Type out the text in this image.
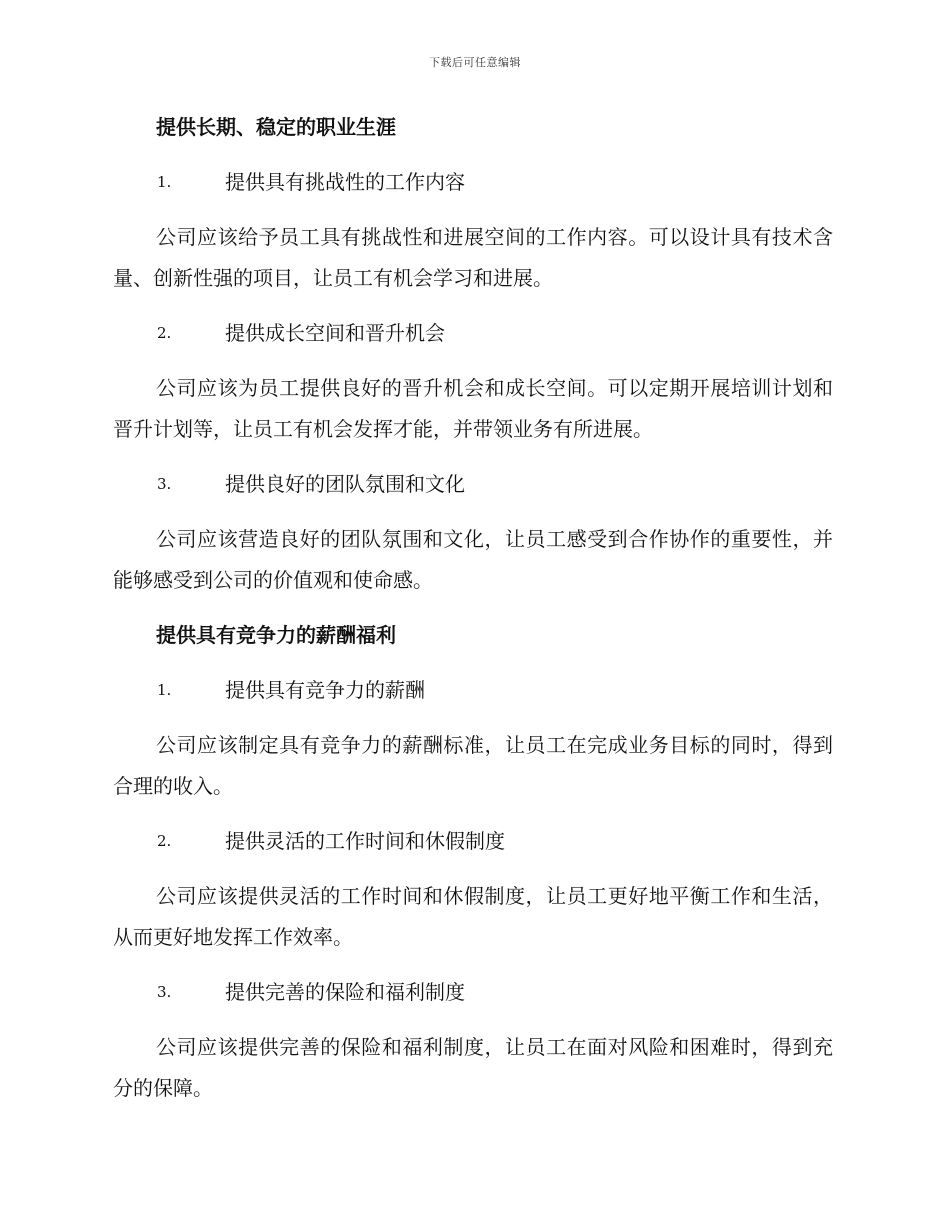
下载后可任意编辑
提供长期、稳定的职业生涯
1.	提供具有挑战性的工作内容

公司应该给予员工具有挑战性和进展空间的工作内容。可以设计具有技术含量、创新性强的项目，让员工有机会学习和进展。

2.	提供成长空间和晋升机会

公司应该为员工提供良好的晋升机会和成长空间。可以定期开展培训计划和晋升计划等，让员工有机会发挥才能，并带领业务有所进展。

3.	提供良好的团队氛围和文化

公司应该营造良好的团队氛围和文化，让员工感受到合作协作的重要性，并能够感受到公司的价值观和使命感。

提供具有竞争力的薪酬福利
1.	提供具有竞争力的薪酬

公司应该制定具有竞争力的薪酬标准，让员工在完成业务目标的同时，得到合理的收入。

2.	提供灵活的工作时间和休假制度

公司应该提供灵活的工作时间和休假制度，让员工更好地平衡工作和生活，从而更好地发挥工作效率。

3.	提供完善的保险和福利制度

公司应该提供完善的保险和福利制度，让员工在面对风险和困难时，得到充分的保障。
